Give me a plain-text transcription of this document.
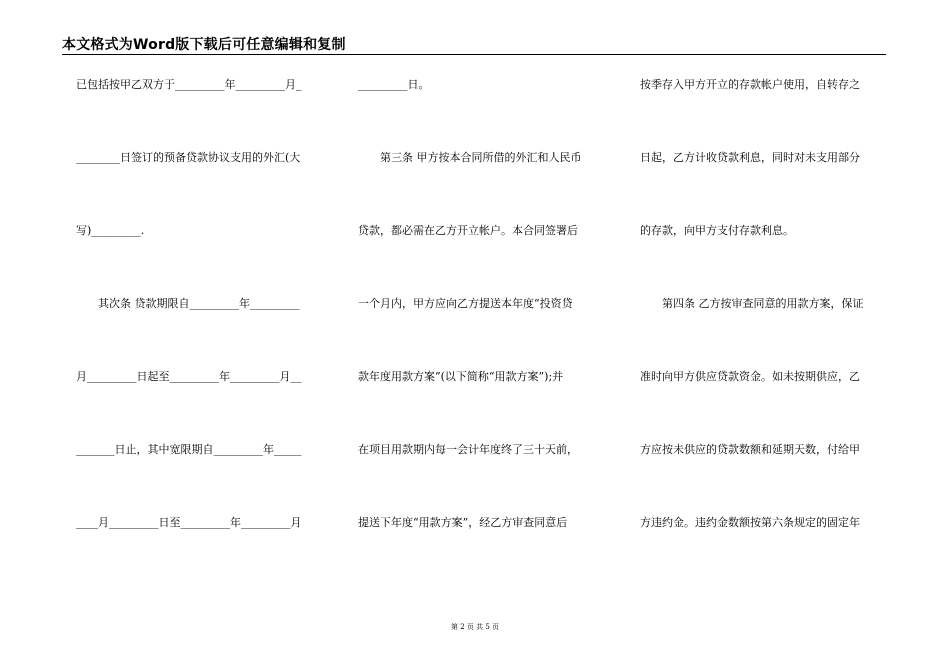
本文格式为Word版下载后可任意编辑和复制
已包括按甲乙双方于_________年_________月_
________日签订的预备贷款协议支用的外汇(大
写)_________.
其次条 贷款期限自_________年_________
月_________日起至_________年_________月__
_______日止，其中宽限期自_________年_____
____月_________日至_________年_________月
_________日。
第三条 甲方按本合同所借的外汇和人民币
贷款，都必需在乙方开立帐户。本合同签署后
一个月内，甲方应向乙方提送本年度“投资贷
款年度用款方案”(以下简称“用款方案”);并
在项目用款期内每一会计年度终了三十天前，
提送下年度“用款方案”，经乙方审查同意后
按季存入甲方开立的存款帐户使用，自转存之
日起，乙方计收贷款利息，同时对未支用部分
的存款，向甲方支付存款利息。
第四条 乙方按审查同意的用款方案，保证
准时向甲方供应贷款资金。如未按期供应，乙
方应按未供应的贷款数额和延期天数，付给甲
方违约金。违约金数额按第六条规定的固定年
第 2 页 共 5 页
